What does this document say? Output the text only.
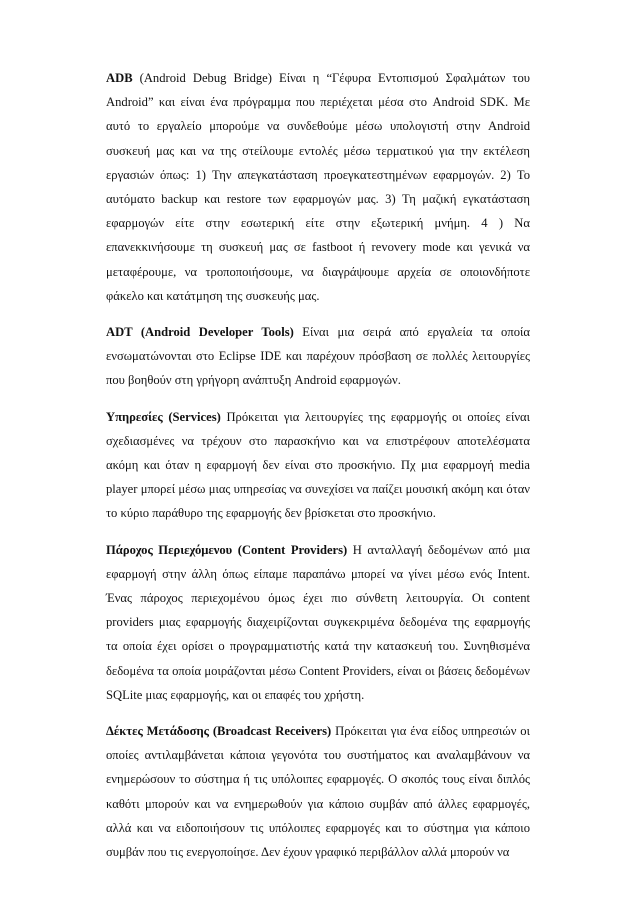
ADB (Android Debug Bridge) Είναι η “Γέφυρα Εντοπισμού Σφαλμάτων του Android” και είναι ένα πρόγραμμα που περιέχεται μέσα στο Android SDK. Με αυτό το εργαλείο μπορούμε να συνδεθούμε μέσω υπολογιστή στην Android συσκευή μας και να της στείλουμε εντολές μέσω τερματικού για την εκτέλεση εργασιών όπως: 1) Την απεγκατάσταση προεγκατεστημένων εφαρμογών. 2) Το αυτόματο backup και restore των εφαρμογών μας. 3) Τη μαζική εγκατάσταση εφαρμογών είτε στην εσωτερική είτε στην εξωτερική μνήμη. 4 ) Να επανεκκινήσουμε τη συσκευή μας σε fastboot ή revovery mode και γενικά να μεταφέρουμε, να τροποποιήσουμε, να διαγράψουμε αρχεία σε οποιονδήποτε φάκελο και κατάτμηση της συσκευής μας.

ADT (Android Developer Tools) Είναι μια σειρά από εργαλεία τα οποία ενσωματώνονται στο Eclipse IDE και παρέχουν πρόσβαση σε πολλές λειτουργίες που βοηθούν στη γρήγορη ανάπτυξη Android εφαρμογών.

Υπηρεσίες (Services) Πρόκειται για λειτουργίες της εφαρμογής οι οποίες είναι σχεδιασμένες να τρέχουν στο παρασκήνιο και να επιστρέφουν αποτελέσματα ακόμη και όταν η εφαρμογή δεν είναι στο προσκήνιο. Πχ μια εφαρμογή media player μπορεί μέσω μιας υπηρεσίας να συνεχίσει να παίζει μουσική ακόμη και όταν το κύριο παράθυρο της εφαρμογής δεν βρίσκεται στο προσκήνιο.

Πάροχος Περιεχόμενου (Content Providers) Η ανταλλαγή δεδομένων από μια εφαρμογή στην άλλη όπως είπαμε παραπάνω μπορεί να γίνει μέσω ενός Intent. Ένας πάροχος περιεχομένου όμως έχει πιο σύνθετη λειτουργία. Οι content providers μιας εφαρμογής διαχειρίζονται συγκεκριμένα δεδομένα της εφαρμογής τα οποία έχει ορίσει ο προγραμματιστής κατά την κατασκευή του. Συνηθισμένα δεδομένα τα οποία μοιράζονται μέσω Content Providers, είναι οι βάσεις δεδομένων SQLite μιας εφαρμογής, και οι επαφές του χρήστη.

Δέκτες Μετάδοσης (Broadcast Receivers) Πρόκειται για ένα είδος υπηρεσιών οι οποίες αντιλαμβάνεται κάποια γεγονότα του συστήματος και αναλαμβάνουν να ενημερώσουν το σύστημα ή τις υπόλοιπες εφαρμογές. Ο σκοπός τους είναι διπλός καθότι μπορούν και να ενημερωθούν για κάποιο συμβάν από άλλες εφαρμογές, αλλά και να ειδοποιήσουν τις υπόλοιπες εφαρμογές και το σύστημα για κάποιο συμβάν που τις ενεργοποίησε. Δεν έχουν γραφικό περιβάλλον αλλά μπορούν να
